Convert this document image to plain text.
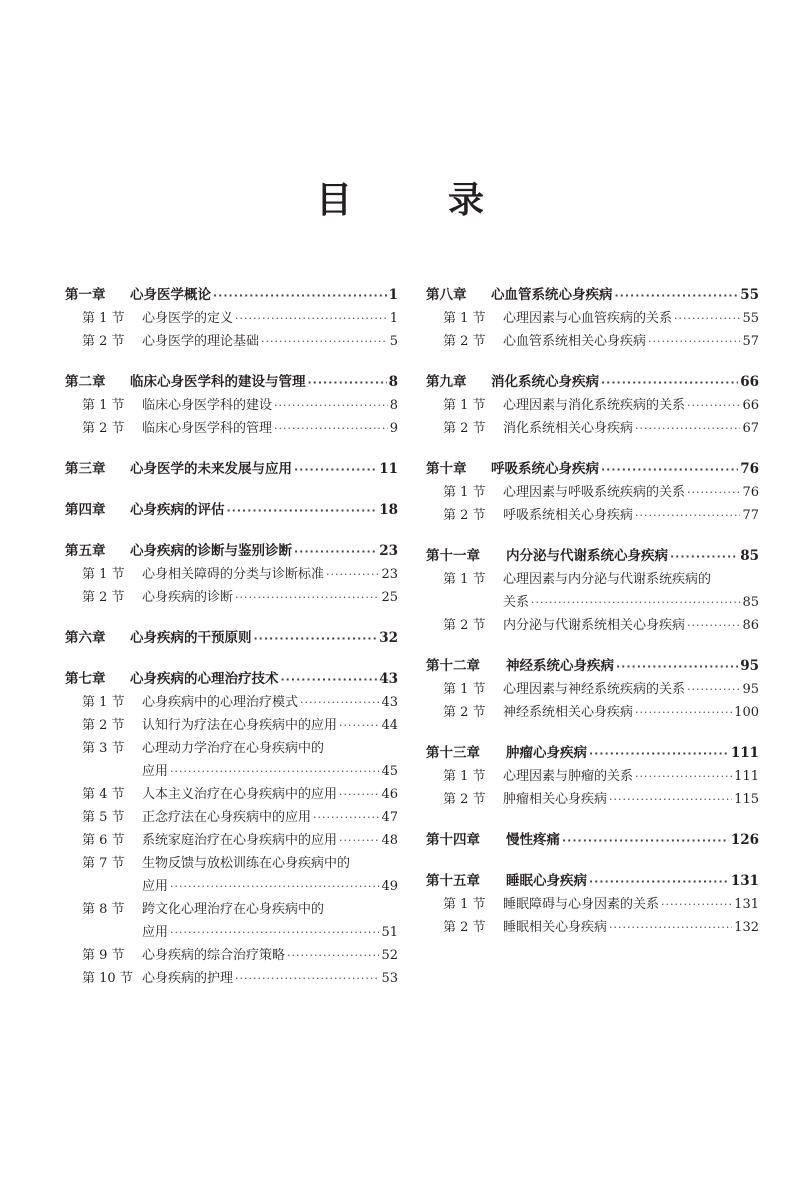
目　录
第一章	心身医学概论 ·····	1
第 1 节	心身医学的定义 ·····	1
第 2 节	心身医学的理论基础 ·····	5
第二章	临床心身医学科的建设与管理 ·····	8
第 1 节	临床心身医学科的建设 ·····	8
第 2 节	临床心身医学科的管理 ·····	9
第三章	心身医学的未来发展与应用 ·····	11
第四章	心身疾病的评估 ·····	18
第五章	心身疾病的诊断与鉴别诊断 ·····	23
第 1 节	心身相关障碍的分类与诊断标准 ·····	23
第 2 节	心身疾病的诊断 ·····	25
第六章	心身疾病的干预原则 ·····	32
第七章	心身疾病的心理治疗技术 ·····	43
第 1 节	心身疾病中的心理治疗模式 ·····	43
第 2 节	认知行为疗法在心身疾病中的应用 ·····	44
第 3 节	心理动力学治疗在心身疾病中的
应用 ·····	45
第 4 节	人本主义治疗在心身疾病中的应用 ·····	46
第 5 节	正念疗法在心身疾病中的应用 ·····	47
第 6 节	系统家庭治疗在心身疾病中的应用 ·····	48
第 7 节	生物反馈与放松训练在心身疾病中的
应用 ·····	49
第 8 节	跨文化心理治疗在心身疾病中的
应用 ·····	51
第 9 节	心身疾病的综合治疗策略 ·····	52
第 10 节 心身疾病的护理 ·····	53
第八章	心血管系统心身疾病 ·····	55
第 1 节	心理因素与心血管疾病的关系 ·····	55
第 2 节	心血管系统相关心身疾病 ·····	57
第九章	消化系统心身疾病 ·····	66
第 1 节	心理因素与消化系统疾病的关系 ·····	66
第 2 节	消化系统相关心身疾病 ·····	67
第十章	呼吸系统心身疾病 ·····	76
第 1 节	心理因素与呼吸系统疾病的关系 ·····	76
第 2 节	呼吸系统相关心身疾病 ·····	77
第十一章	内分泌与代谢系统心身疾病 ·····	85
第 1 节	心理因素与内分泌与代谢系统疾病的
关系 ·····	85
第 2 节	内分泌与代谢系统相关心身疾病 ·····	86
第十二章	神经系统心身疾病 ·····	95
第 1 节	心理因素与神经系统疾病的关系 ·····	95
第 2 节	神经系统相关心身疾病 ·····	100
第十三章	肿瘤心身疾病 ·····	111
第 1 节	心理因素与肿瘤的关系 ·····	111
第 2 节	肿瘤相关心身疾病 ·····	115
第十四章	慢性疼痛 ·····	126
第十五章	睡眠心身疾病 ·····	131
第 1 节	睡眠障碍与心身因素的关系 ·····	131
第 2 节	睡眠相关心身疾病 ·····	132
